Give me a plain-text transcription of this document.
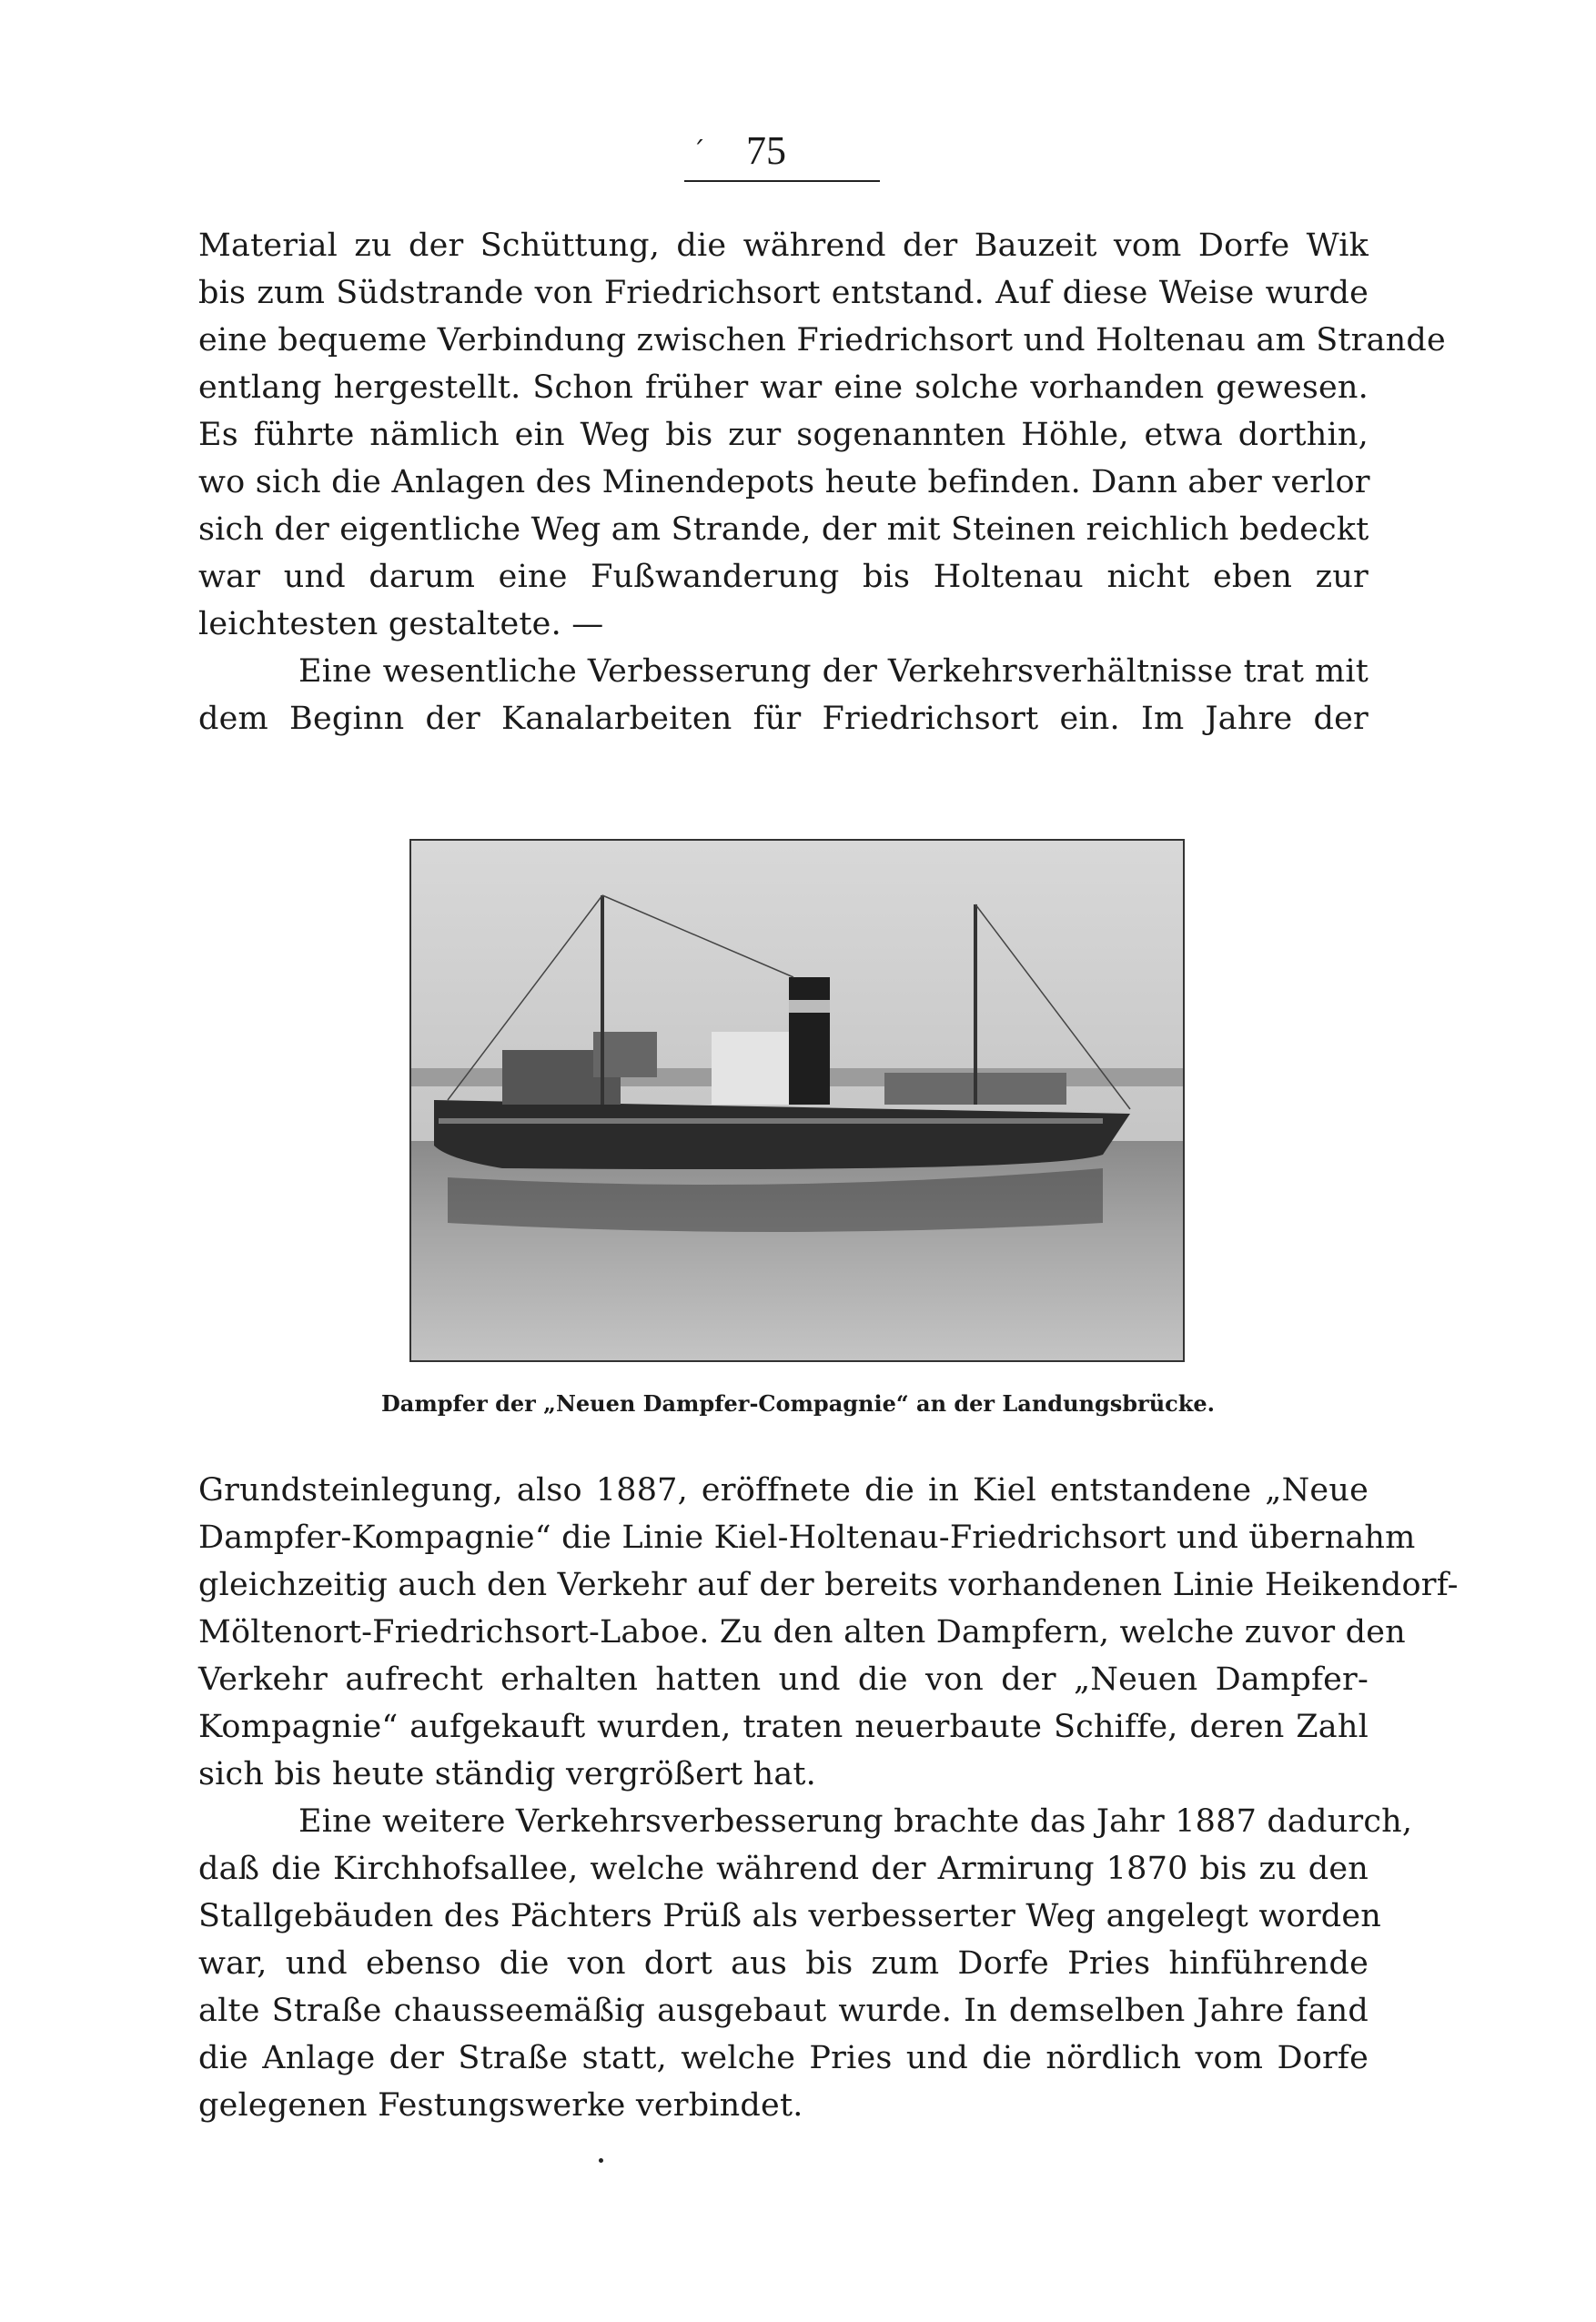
´ 75
Material zu der Schüttung, die während der Bauzeit vom Dorfe Wik
bis zum Südstrande von Friedrichsort entstand. Auf diese Weise wurde
eine bequeme Verbindung zwischen Friedrichsort und Holtenau am Strande
entlang hergestellt. Schon früher war eine solche vorhanden gewesen.
Es führte nämlich ein Weg bis zur sogenannten Höhle, etwa dorthin,
wo sich die Anlagen des Minendepots heute befinden. Dann aber verlor
sich der eigentliche Weg am Strande, der mit Steinen reichlich bedeckt
war und darum eine Fußwanderung bis Holtenau nicht eben zur
leichtesten gestaltete. —
Eine wesentliche Verbesserung der Verkehrsverhältnisse trat mit
dem Beginn der Kanalarbeiten für Friedrichsort ein. Im Jahre der
Dampfer der „Neuen Dampfer-Compagnie“ an der Landungsbrücke.
Grundsteinlegung, also 1887, eröffnete die in Kiel entstandene „Neue
Dampfer-Kompagnie“ die Linie Kiel-Holtenau-Friedrichsort und übernahm
gleichzeitig auch den Verkehr auf der bereits vorhandenen Linie Heikendorf-
Möltenort-Friedrichsort-Laboe. Zu den alten Dampfern, welche zuvor den
Verkehr aufrecht erhalten hatten und die von der „Neuen Dampfer-
Kompagnie“ aufgekauft wurden, traten neuerbaute Schiffe, deren Zahl
sich bis heute ständig vergrößert hat.
Eine weitere Verkehrsverbesserung brachte das Jahr 1887 dadurch,
daß die Kirchhofsallee, welche während der Armirung 1870 bis zu den
Stallgebäuden des Pächters Prüß als verbesserter Weg angelegt worden
war, und ebenso die von dort aus bis zum Dorfe Pries hinführende
alte Straße chausseemäßig ausgebaut wurde. In demselben Jahre fand
die Anlage der Straße statt, welche Pries und die nördlich vom Dorfe
gelegenen Festungswerke verbindet.
